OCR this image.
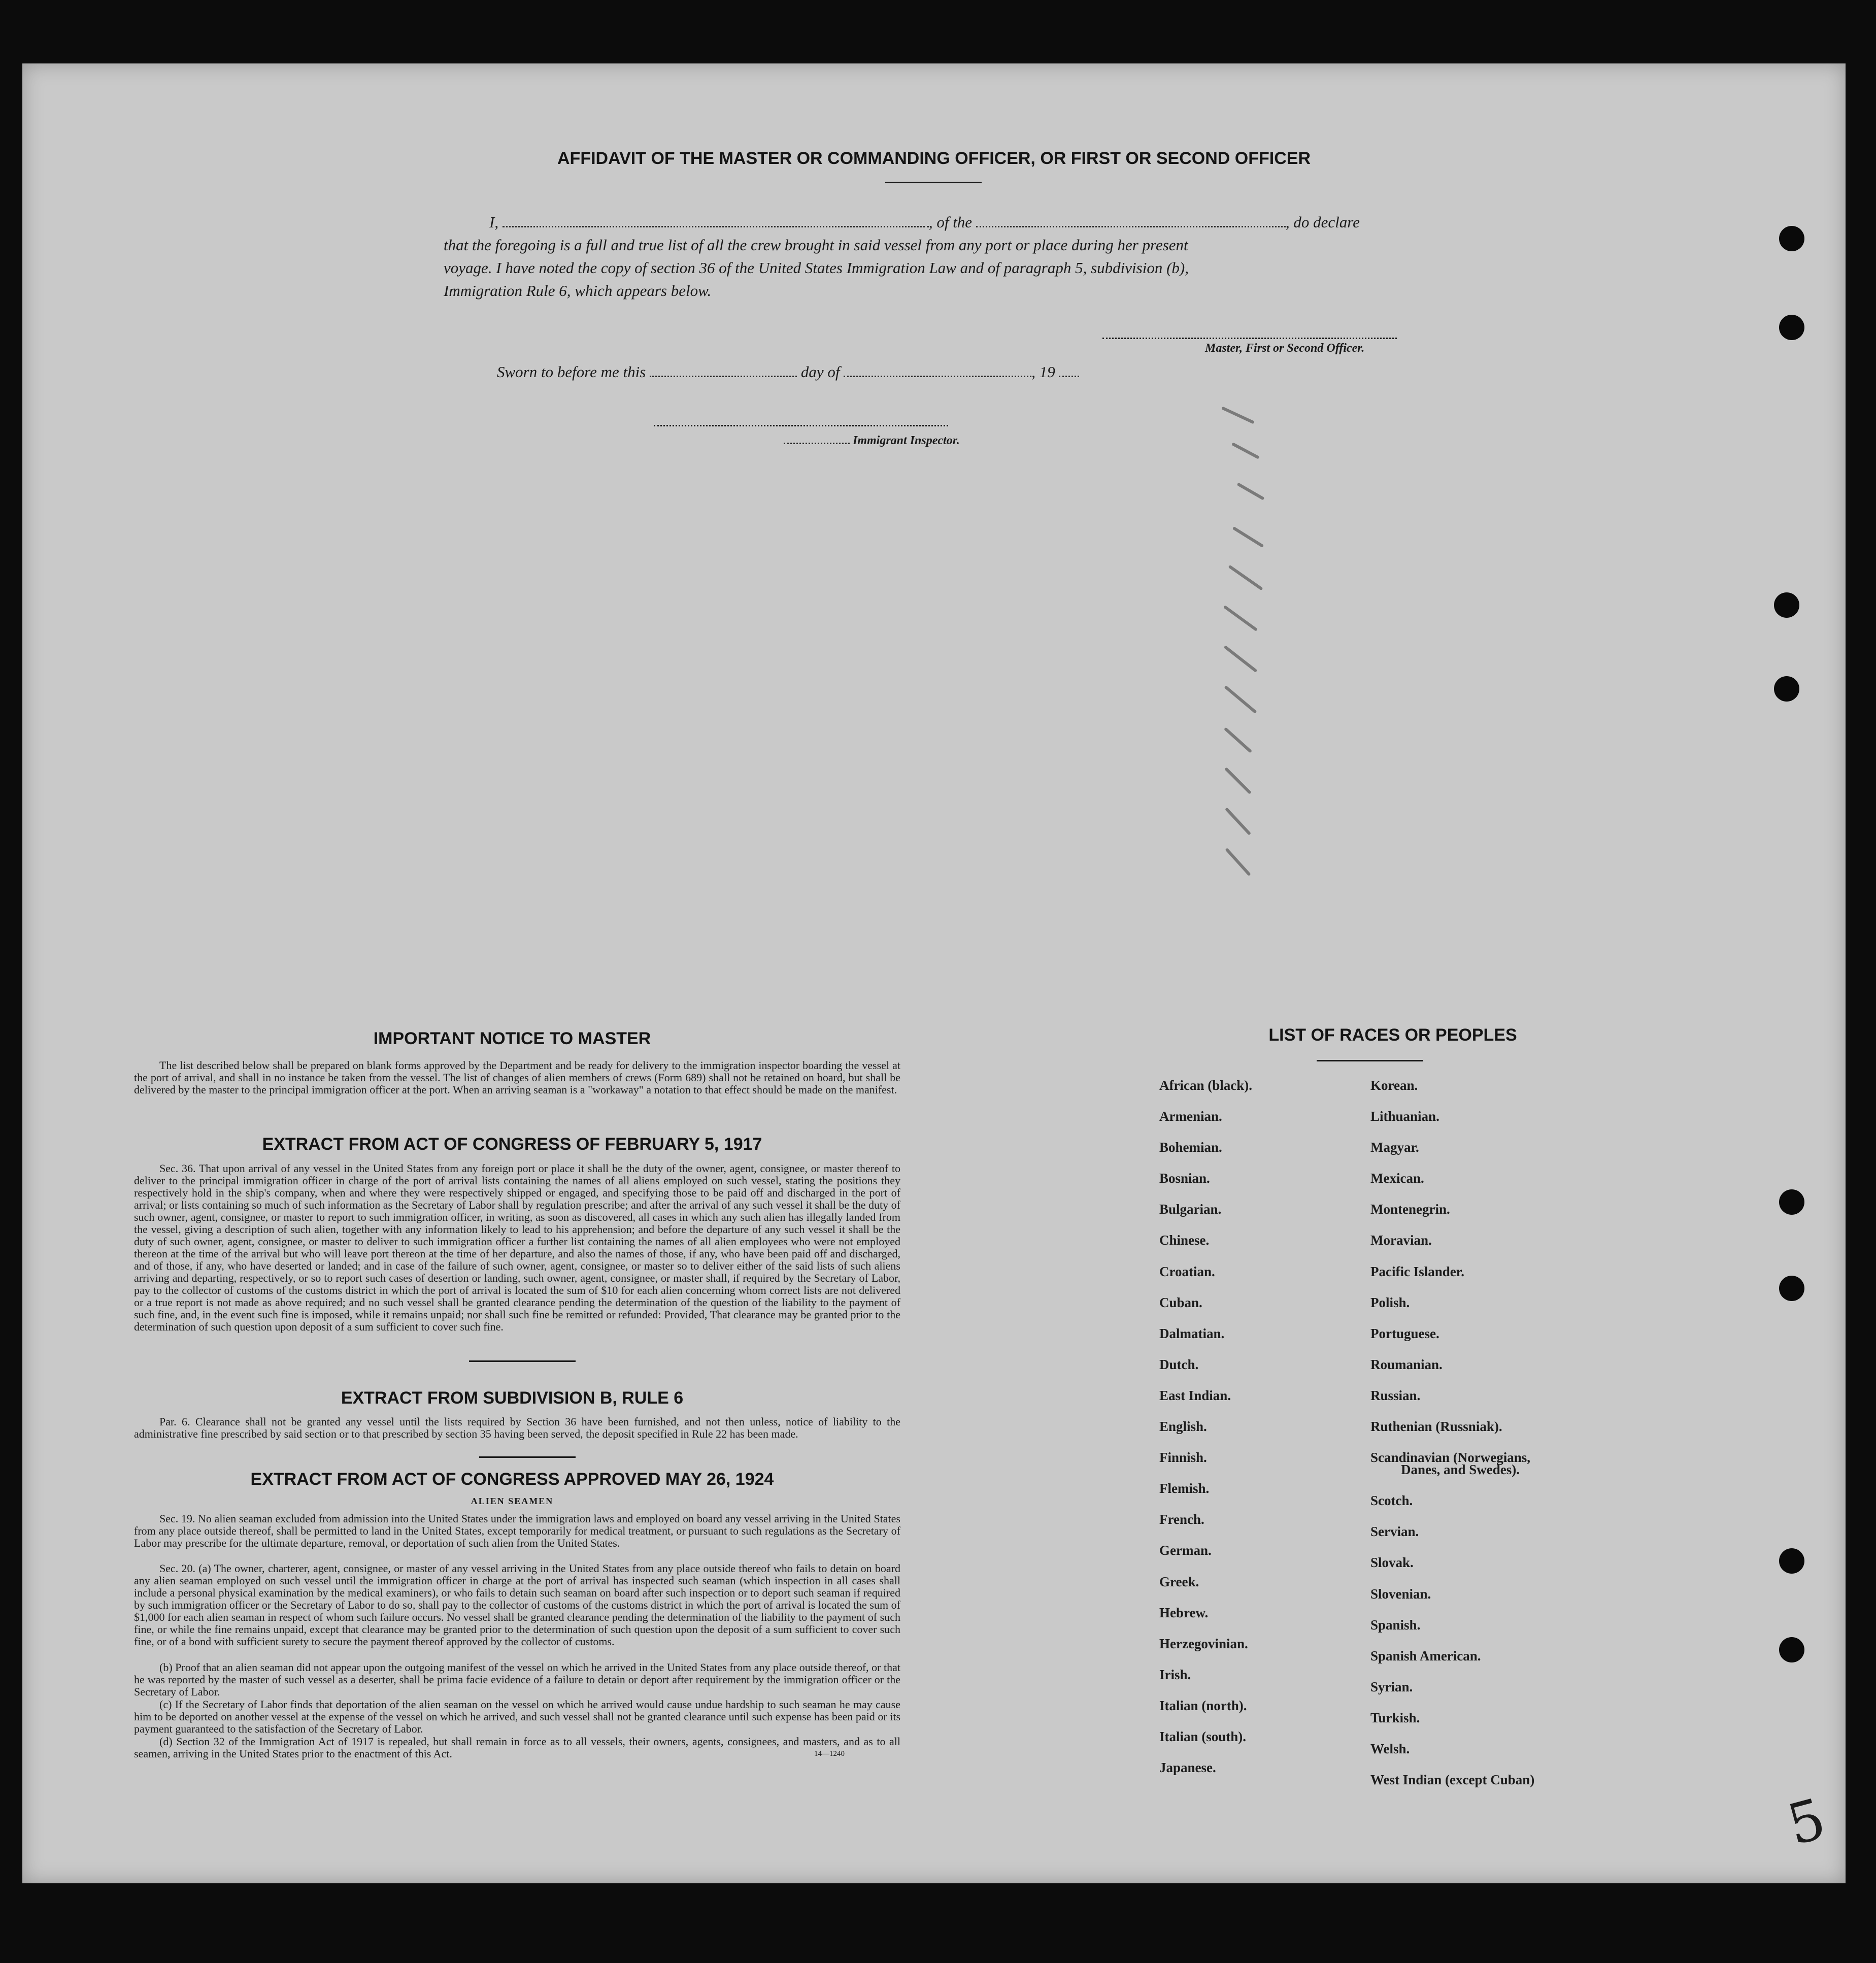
AFFIDAVIT OF THE MASTER OR COMMANDING OFFICER, OR FIRST OR SECOND OFFICER
I,	, of the	, do declare
that the foregoing is a full and true list of all the crew brought in said vessel from any port or place during her present
voyage. I have noted the copy of section 36 of the United States Immigration Law and of paragraph 5, subdivision (b),
Immigration Rule 6, which appears below.
Master, First or Second Officer.
Sworn to before me this	day of	, 19
Immigrant Inspector.
IMPORTANT NOTICE TO MASTER
The list described below shall be prepared on blank forms approved by the Department and be ready for delivery to the immigration inspector boarding the vessel at the port of arrival, and shall in no instance be taken from the vessel. The list of changes of alien members of crews (Form 689) shall not be retained on board, but shall be delivered by the master to the principal immigration officer at the port. When an arriving seaman is a "workaway" a notation to that effect should be made on the manifest.
EXTRACT FROM ACT OF CONGRESS OF FEBRUARY 5, 1917
Sec. 36. That upon arrival of any vessel in the United States from any foreign port or place it shall be the duty of the owner, agent, consignee, or master thereof to deliver to the principal immigration officer in charge of the port of arrival lists containing the names of all aliens employed on such vessel, stating the positions they respectively hold in the ship's company, when and where they were respectively shipped or engaged, and specifying those to be paid off and discharged in the port of arrival; or lists containing so much of such information as the Secretary of Labor shall by regulation prescribe; and after the arrival of any such vessel it shall be the duty of such owner, agent, consignee, or master to report to such immigration officer, in writing, as soon as discovered, all cases in which any such alien has illegally landed from the vessel, giving a description of such alien, together with any information likely to lead to his apprehension; and before the departure of any such vessel it shall be the duty of such owner, agent, consignee, or master to deliver to such immigration officer a further list containing the names of all alien employees who were not employed thereon at the time of the arrival but who will leave port thereon at the time of her departure, and also the names of those, if any, who have been paid off and discharged, and of those, if any, who have deserted or landed; and in case of the failure of such owner, agent, consignee, or master so to deliver either of the said lists of such aliens arriving and departing, respectively, or so to report such cases of desertion or landing, such owner, agent, consignee, or master shall, if required by the Secretary of Labor, pay to the collector of customs of the customs district in which the port of arrival is located the sum of $10 for each alien concerning whom correct lists are not delivered or a true report is not made as above required; and no such vessel shall be granted clearance pending the determination of the question of the liability to the payment of such fine, and, in the event such fine is imposed, while it remains unpaid; nor shall such fine be remitted or refunded: Provided, That clearance may be granted prior to the determination of such question upon deposit of a sum sufficient to cover such fine.
EXTRACT FROM SUBDIVISION B, RULE 6
Par. 6. Clearance shall not be granted any vessel until the lists required by Section 36 have been furnished, and not then unless, notice of liability to the administrative fine prescribed by said section or to that prescribed by section 35 having been served, the deposit specified in Rule 22 has been made.
EXTRACT FROM ACT OF CONGRESS APPROVED MAY 26, 1924
ALIEN SEAMEN
Sec. 19. No alien seaman excluded from admission into the United States under the immigration laws and employed on board any vessel arriving in the United States from any place outside thereof, shall be permitted to land in the United States, except temporarily for medical treatment, or pursuant to such regulations as the Secretary of Labor may prescribe for the ultimate departure, removal, or deportation of such alien from the United States.
Sec. 20. (a) The owner, charterer, agent, consignee, or master of any vessel arriving in the United States from any place outside thereof who fails to detain on board any alien seaman employed on such vessel until the immigration officer in charge at the port of arrival has inspected such seaman (which inspection in all cases shall include a personal physical examination by the medical examiners), or who fails to detain such seaman on board after such inspection or to deport such seaman if required by such immigration officer or the Secretary of Labor to do so, shall pay to the collector of customs of the customs district in which the port of arrival is located the sum of $1,000 for each alien seaman in respect of whom such failure occurs. No vessel shall be granted clearance pending the determination of the liability to the payment of such fine, or while the fine remains unpaid, except that clearance may be granted prior to the determination of such question upon the deposit of a sum sufficient to cover such fine, or of a bond with sufficient surety to secure the payment thereof approved by the collector of customs.
(b) Proof that an alien seaman did not appear upon the outgoing manifest of the vessel on which he arrived in the United States from any place outside thereof, or that he was reported by the master of such vessel as a deserter, shall be prima facie evidence of a failure to detain or deport after requirement by the immigration officer or the Secretary of Labor.
(c) If the Secretary of Labor finds that deportation of the alien seaman on the vessel on which he arrived would cause undue hardship to such seaman he may cause him to be deported on another vessel at the expense of the vessel on which he arrived, and such vessel shall not be granted clearance until such expense has been paid or its payment guaranteed to the satisfaction of the Secretary of Labor.
(d) Section 32 of the Immigration Act of 1917 is repealed, but shall remain in force as to all vessels, their owners, agents, consignees, and masters, and as to all seamen, arriving in the United States prior to the enactment of this Act.	14—1240
LIST OF RACES OR PEOPLES
African (black).
Armenian.
Bohemian.
Bosnian.
Bulgarian.
Chinese.
Croatian.
Cuban.
Dalmatian.
Dutch.
East Indian.
English.
Finnish.
Flemish.
French.
German.
Greek.
Hebrew.
Herzegovinian.
Irish.
Italian (north).
Italian (south).
Japanese.
Korean.
Lithuanian.
Magyar.
Mexican.
Montenegrin.
Moravian.
Pacific Islander.
Polish.
Portuguese.
Roumanian.
Russian.
Ruthenian (Russniak).
Scandinavian (Norwegians,
Danes, and Swedes).
Scotch.
Servian.
Slovak.
Slovenian.
Spanish.
Spanish American.
Syrian.
Turkish.
Welsh.
West Indian (except Cuban)
5
